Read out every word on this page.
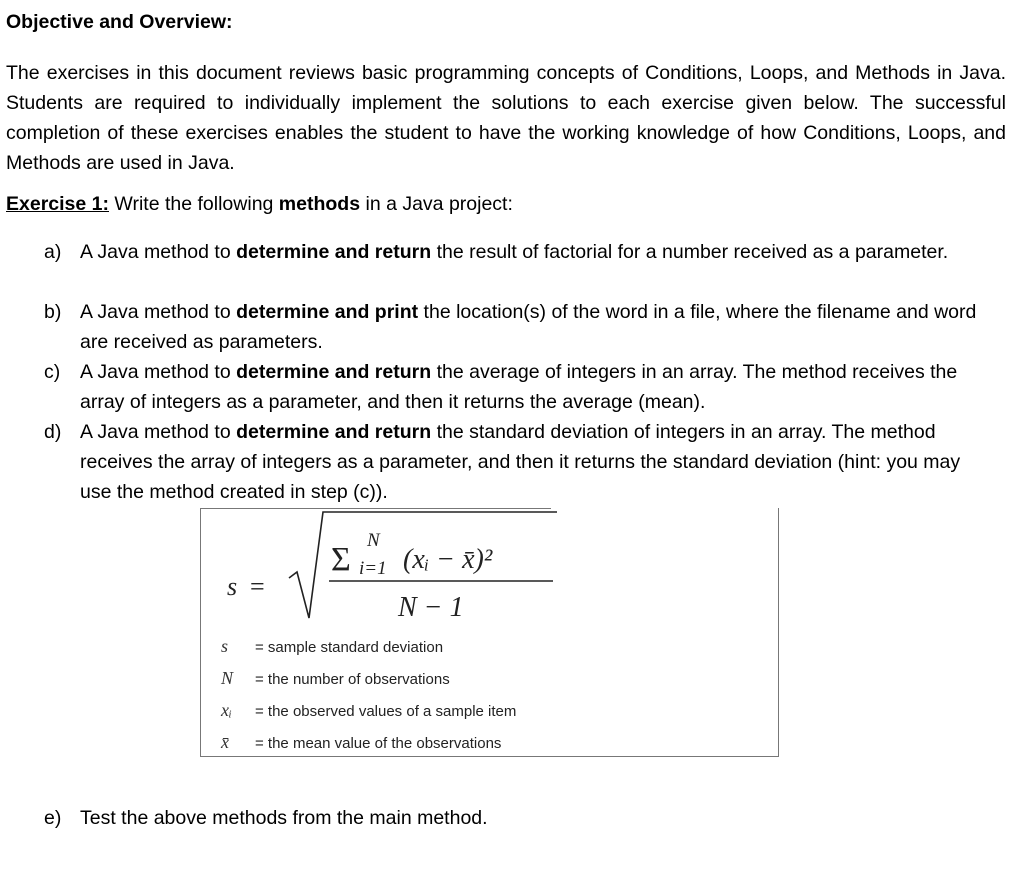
Objective and Overview:
The exercises in this document reviews basic programming concepts of Conditions, Loops, and Methods in Java. Students are required to individually implement the solutions to each exercise given below. The successful completion of these exercises enables the student to have the working knowledge of how Conditions, Loops, and Methods are used in Java.
Exercise 1: Write the following methods in a Java project:
a) A Java method to determine and return the result of factorial for a number received as a parameter.
b) A Java method to determine and print the location(s) of the word in a file, where the filename and word are received as parameters.
c) A Java method to determine and return the average of integers in an array. The method receives the array of integers as a parameter, and then it returns the average (mean).
d) A Java method to determine and return the standard deviation of integers in an array. The method receives the array of integers as a parameter, and then it returns the standard deviation (hint: you may use the method created in step (c)).
e) Test the above methods from the main method.
s =
Σ
N
i=1 (xᵢ − x̄)²
N − 1
s = sample standard deviation
N = the number of observations
xᵢ = the observed values of a sample item
x̄ = the mean value of the observations
